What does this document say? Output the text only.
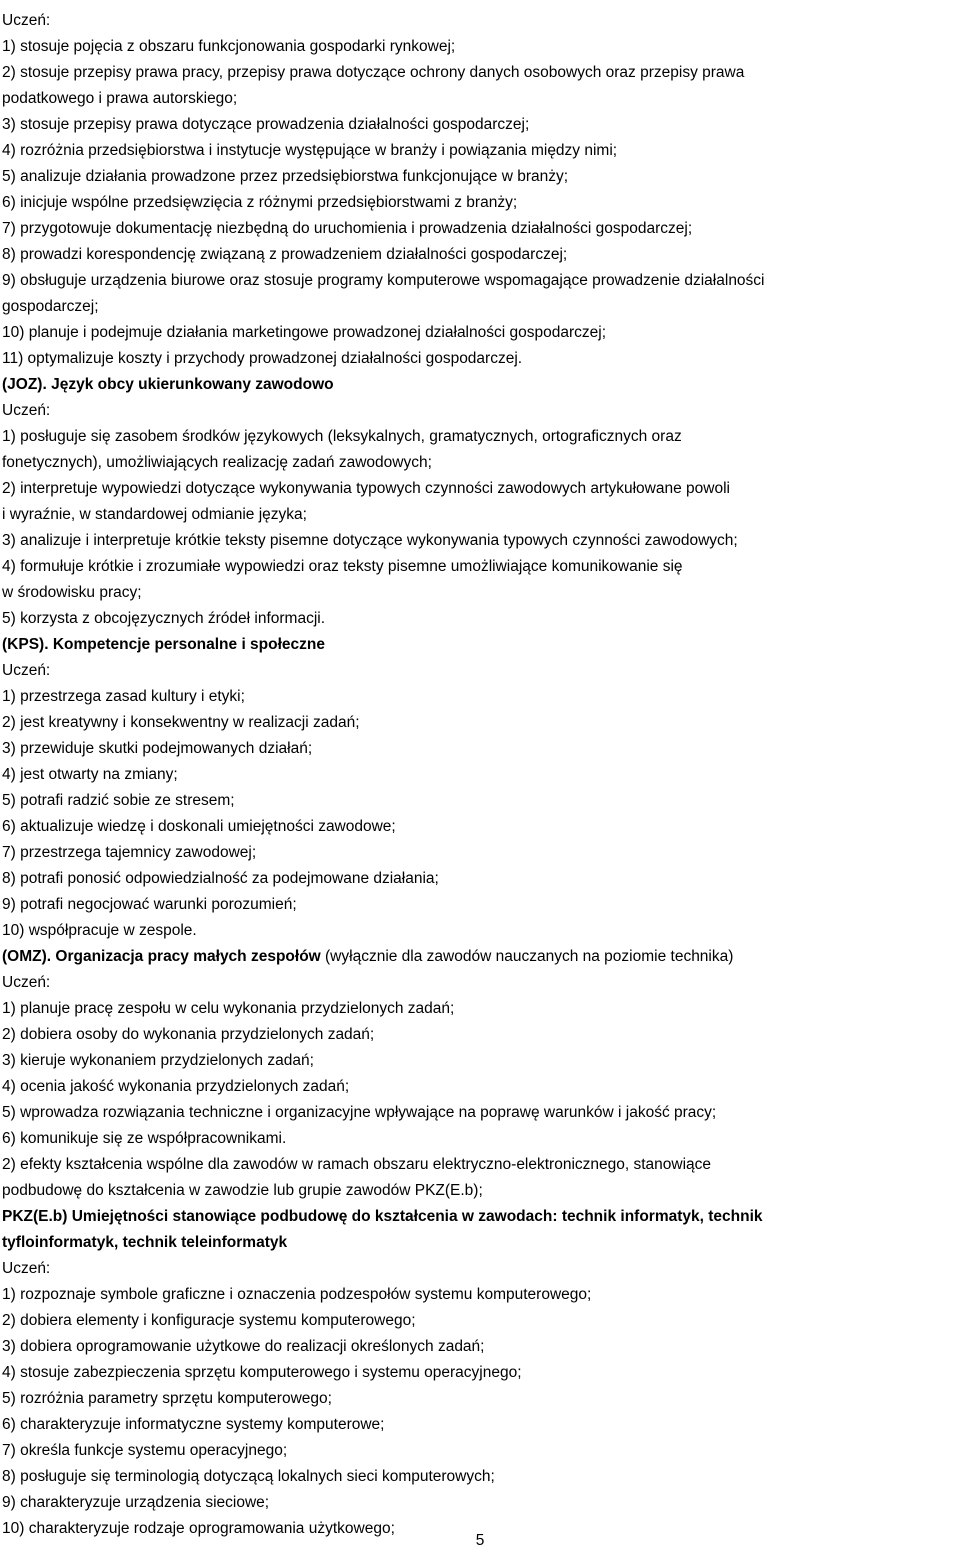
Uczeń:
1) stosuje pojęcia z obszaru funkcjonowania gospodarki rynkowej;
2) stosuje przepisy prawa pracy, przepisy prawa dotyczące ochrony danych osobowych oraz przepisy prawa
podatkowego i prawa autorskiego;
3) stosuje przepisy prawa dotyczące prowadzenia działalności gospodarczej;
4) rozróżnia przedsiębiorstwa i instytucje występujące w branży i powiązania między nimi;
5) analizuje działania prowadzone przez przedsiębiorstwa funkcjonujące w branży;
6) inicjuje wspólne przedsięwzięcia z różnymi przedsiębiorstwami z branży;
7) przygotowuje dokumentację niezbędną do uruchomienia i prowadzenia działalności gospodarczej;
8) prowadzi korespondencję związaną z prowadzeniem działalności gospodarczej;
9) obsługuje urządzenia biurowe oraz stosuje programy komputerowe wspomagające prowadzenie działalności
gospodarczej;
10) planuje i podejmuje działania marketingowe prowadzonej działalności gospodarczej;
11) optymalizuje koszty i przychody prowadzonej działalności gospodarczej.
(JOZ). Język obcy ukierunkowany zawodowo
Uczeń:
1) posługuje się zasobem środków językowych (leksykalnych, gramatycznych, ortograficznych oraz
fonetycznych), umożliwiających realizację zadań zawodowych;
2) interpretuje wypowiedzi dotyczące wykonywania typowych czynności zawodowych artykułowane powoli
i wyraźnie, w standardowej odmianie języka;
3) analizuje i interpretuje krótkie teksty pisemne dotyczące wykonywania typowych czynności zawodowych;
4) formułuje krótkie i zrozumiałe wypowiedzi oraz teksty pisemne umożliwiające komunikowanie się
w środowisku pracy;
5) korzysta z obcojęzycznych źródeł informacji.
(KPS). Kompetencje personalne i społeczne
Uczeń:
1) przestrzega zasad kultury i etyki;
2) jest kreatywny i konsekwentny w realizacji zadań;
3) przewiduje skutki podejmowanych działań;
4) jest otwarty na zmiany;
5) potrafi radzić sobie ze stresem;
6) aktualizuje wiedzę i doskonali umiejętności zawodowe;
7) przestrzega tajemnicy zawodowej;
8) potrafi ponosić odpowiedzialność za podejmowane działania;
9) potrafi negocjować warunki porozumień;
10) współpracuje w zespole.
(OMZ). Organizacja pracy małych zespołów (wyłącznie dla zawodów nauczanych na poziomie technika)
Uczeń:
1) planuje pracę zespołu w celu wykonania przydzielonych zadań;
2) dobiera osoby do wykonania przydzielonych zadań;
3) kieruje wykonaniem przydzielonych zadań;
4) ocenia jakość wykonania przydzielonych zadań;
5) wprowadza rozwiązania techniczne i organizacyjne wpływające na poprawę warunków i jakość pracy;
6) komunikuje się ze współpracownikami.
2) efekty kształcenia wspólne dla zawodów w ramach obszaru elektryczno-elektronicznego, stanowiące
podbudowę do kształcenia w zawodzie lub grupie zawodów PKZ(E.b);
PKZ(E.b) Umiejętności stanowiące podbudowę do kształcenia w zawodach: technik informatyk, technik
tyfloinformatyk, technik teleinformatyk
Uczeń:
1) rozpoznaje symbole graficzne i oznaczenia podzespołów systemu komputerowego;
2) dobiera elementy i konfiguracje systemu komputerowego;
3) dobiera oprogramowanie użytkowe do realizacji określonych zadań;
4) stosuje zabezpieczenia sprzętu komputerowego i systemu operacyjnego;
5) rozróżnia parametry sprzętu komputerowego;
6) charakteryzuje informatyczne systemy komputerowe;
7) określa funkcje systemu operacyjnego;
8) posługuje się terminologią dotyczącą lokalnych sieci komputerowych;
9) charakteryzuje urządzenia sieciowe;
10) charakteryzuje rodzaje oprogramowania użytkowego;
5
